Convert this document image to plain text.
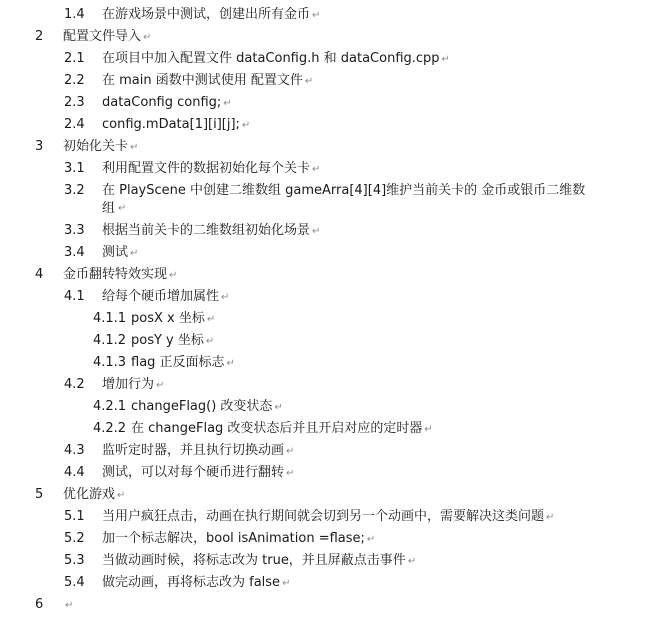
1.4 在游戏场景中测试，创建出所有金币 ↵
2 配置文件导入 ↵
2.1 在项目中加入配置文件 dataConfig.h 和 dataConfig.cpp ↵
2.2 在 main 函数中测试使用 配置文件 ↵
2.3 dataConfig config; ↵
2.4 config.mData[1][i][j]; ↵
3 初始化关卡 ↵
3.1 利用配置文件的数据初始化每个关卡 ↵
3.2 在 PlayScene 中创建二维数组 gameArra[4][4]维护当前关卡的 金币或银币二维数
组 ↵
3.3 根据当前关卡的二维数组初始化场景 ↵
3.4 测试 ↵
4 金币翻转特效实现 ↵
4.1 给每个硬币增加属性 ↵
4.1.1 posX x 坐标 ↵
4.1.2 posY y 坐标 ↵
4.1.3 flag 正反面标志 ↵
4.2 增加行为 ↵
4.2.1 changeFlag() 改变状态 ↵
4.2.2 在 changeFlag 改变状态后并且开启对应的定时器 ↵
4.3 监听定时器，并且执行切换动画 ↵
4.4 测试，可以对每个硬币进行翻转 ↵
5 优化游戏 ↵
5.1 当用户疯狂点击，动画在执行期间就会切到另一个动画中，需要解决这类问题 ↵
5.2 加一个标志解决，bool isAnimation =flase; ↵
5.3 当做动画时候，将标志改为 true，并且屏蔽点击事件 ↵
5.4 做完动画，再将标志改为 false ↵
6 ↵
